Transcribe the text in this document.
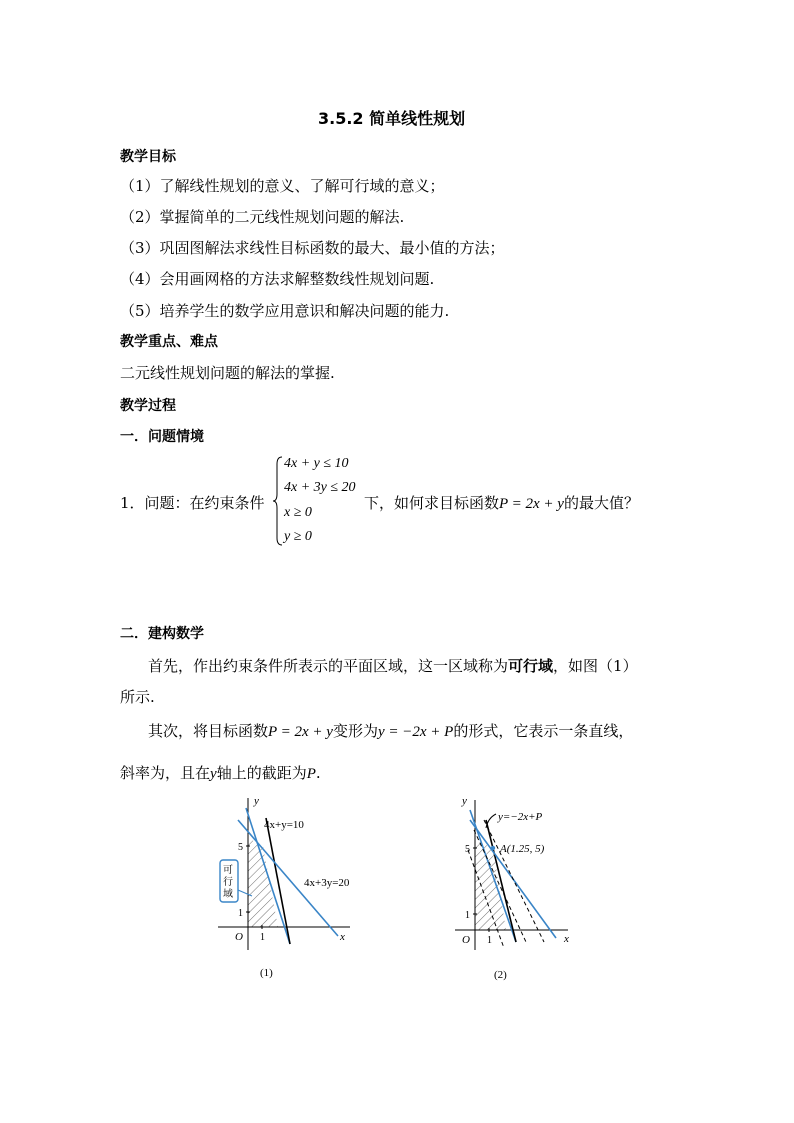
3.5.2 简单线性规划
教学目标
（1）了解线性规划的意义、了解可行域的意义；
（2）掌握简单的二元线性规划问题的解法.
（3）巩固图解法求线性目标函数的最大、最小值的方法；
（4）会用画网格的方法求解整数线性规划问题.
（5）培养学生的数学应用意识和解决问题的能力.
教学重点、难点
二元线性规划问题的解法的掌握.
教学过程
一．问题情境
1．问题：在约束条件
4x + y ≤ 10
4x + 3y ≤ 20
x ≥ 0
y ≥ 0
下，如何求目标函数P = 2x + y的最大值？
二．建构数学
首先，作出约束条件所表示的平面区域，这一区域称为可行域，如图（1）
所示.
其次，将目标函数P = 2x + y变形为y = −2x + P的形式，它表示一条直线，
斜率为，且在y轴上的截距为P.
y
x
O
5
1
1
4x+y=10
4x+3y=20
可
行
域
(1)
y
x
O
5
1
1
y=−2x+P
A(1.25, 5)
(2)
